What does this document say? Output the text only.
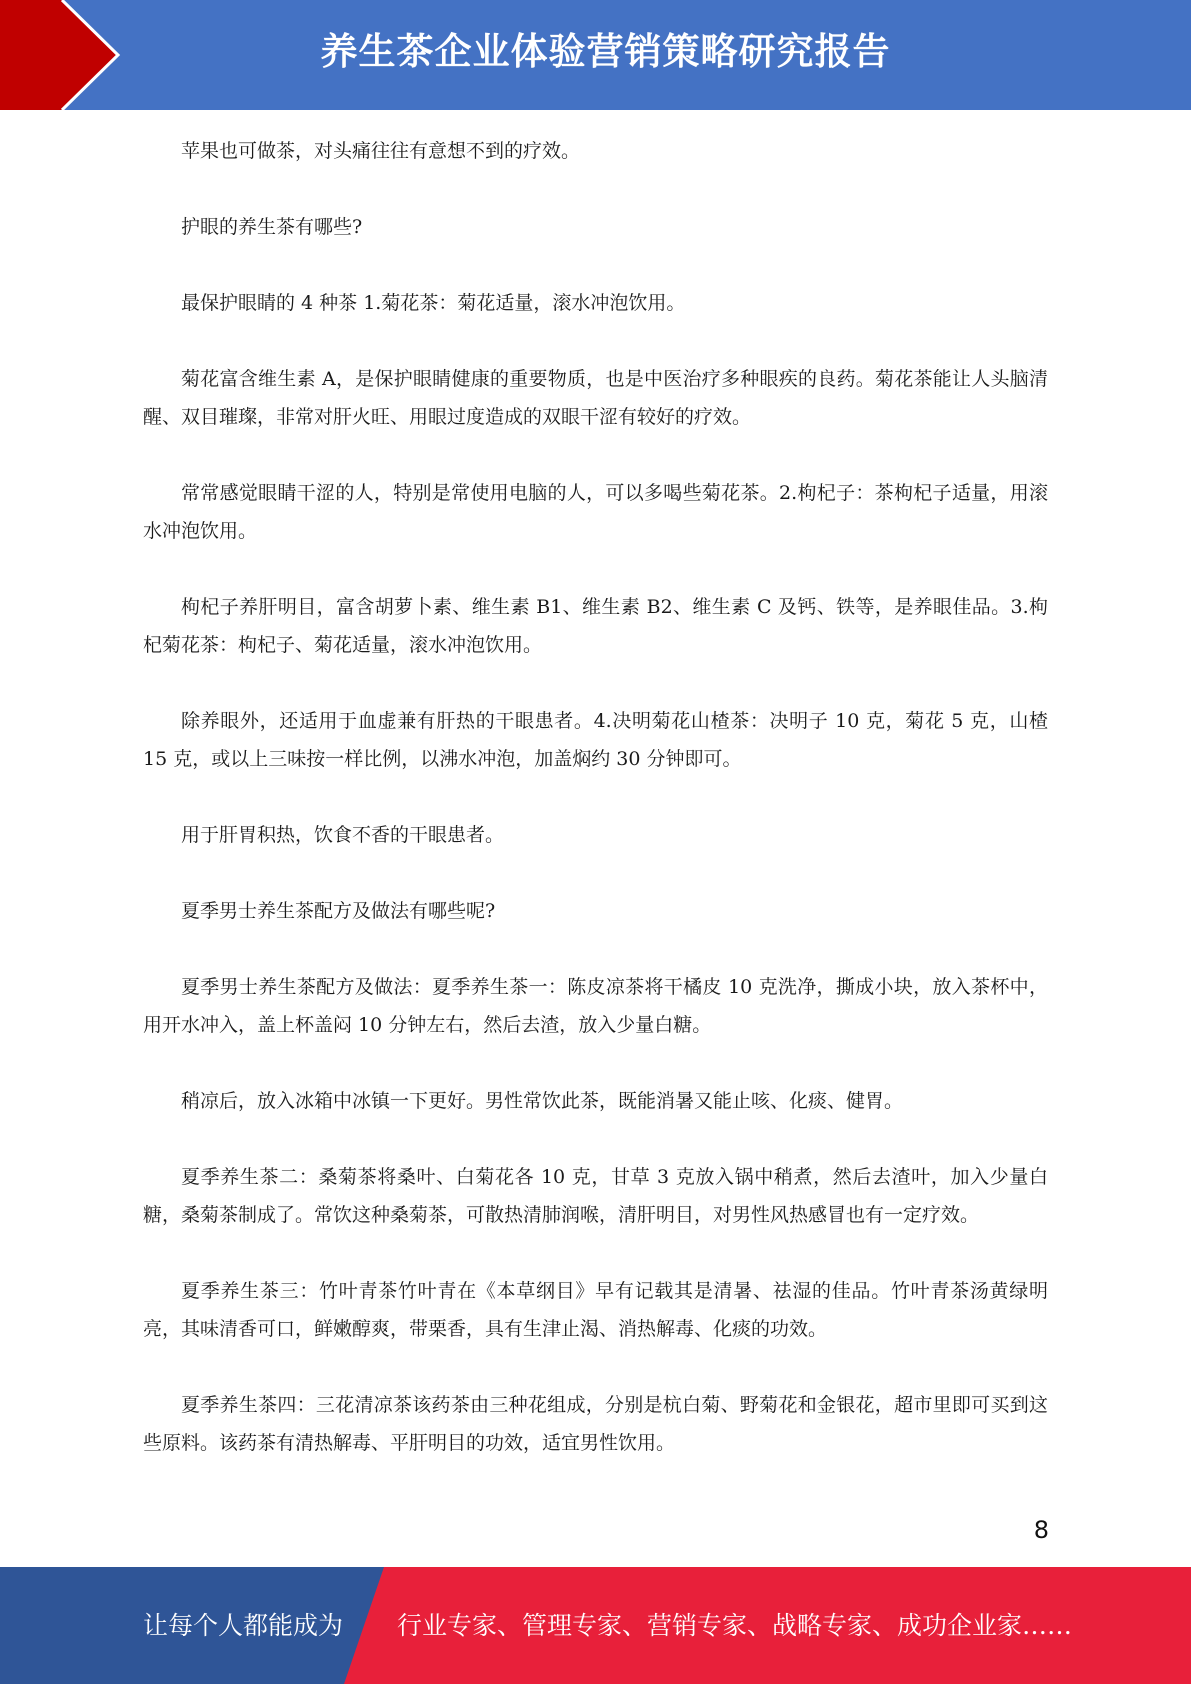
养生茶企业体验营销策略研究报告

苹果也可做茶，对头痛往往有意想不到的疗效。

护眼的养生茶有哪些?

最保护眼睛的 4 种茶 1.菊花茶：菊花适量，滚水冲泡饮用。

菊花富含维生素 A，是保护眼睛健康的重要物质，也是中医治疗多种眼疾的良药。菊花茶能让人头脑清醒、双目璀璨，非常对肝火旺、用眼过度造成的双眼干涩有较好的疗效。

常常感觉眼睛干涩的人，特别是常使用电脑的人，可以多喝些菊花茶。2.枸杞子：茶枸杞子适量，用滚水冲泡饮用。

枸杞子养肝明目，富含胡萝卜素、维生素 B1、维生素 B2、维生素 C 及钙、铁等，是养眼佳品。3.枸杞菊花茶：枸杞子、菊花适量，滚水冲泡饮用。

除养眼外，还适用于血虚兼有肝热的干眼患者。4.决明菊花山楂茶：决明子 10 克，菊花 5 克，山楂 15 克，或以上三味按一样比例，以沸水冲泡，加盖焖约 30 分钟即可。

用于肝胃积热，饮食不香的干眼患者。

夏季男士养生茶配方及做法有哪些呢?

夏季男士养生茶配方及做法：夏季养生茶一：陈皮凉茶将干橘皮 10 克洗净，撕成小块，放入茶杯中，用开水冲入，盖上杯盖闷 10 分钟左右，然后去渣，放入少量白糖。

稍凉后，放入冰箱中冰镇一下更好。男性常饮此茶，既能消暑又能止咳、化痰、健胃。

夏季养生茶二：桑菊茶将桑叶、白菊花各 10 克，甘草 3 克放入锅中稍煮，然后去渣叶，加入少量白糖，桑菊茶制成了。常饮这种桑菊茶，可散热清肺润喉，清肝明目，对男性风热感冒也有一定疗效。

夏季养生茶三：竹叶青茶竹叶青在《本草纲目》早有记载其是清暑、祛湿的佳品。竹叶青茶汤黄绿明亮，其味清香可口，鲜嫩醇爽，带栗香，具有生津止渴、消热解毒、化痰的功效。

夏季养生茶四：三花清凉茶该药茶由三种花组成，分别是杭白菊、野菊花和金银花，超市里即可买到这些原料。该药茶有清热解毒、平肝明目的功效，适宜男性饮用。

8
让每个人都能成为 行业专家、管理专家、营销专家、战略专家、成功企业家……
